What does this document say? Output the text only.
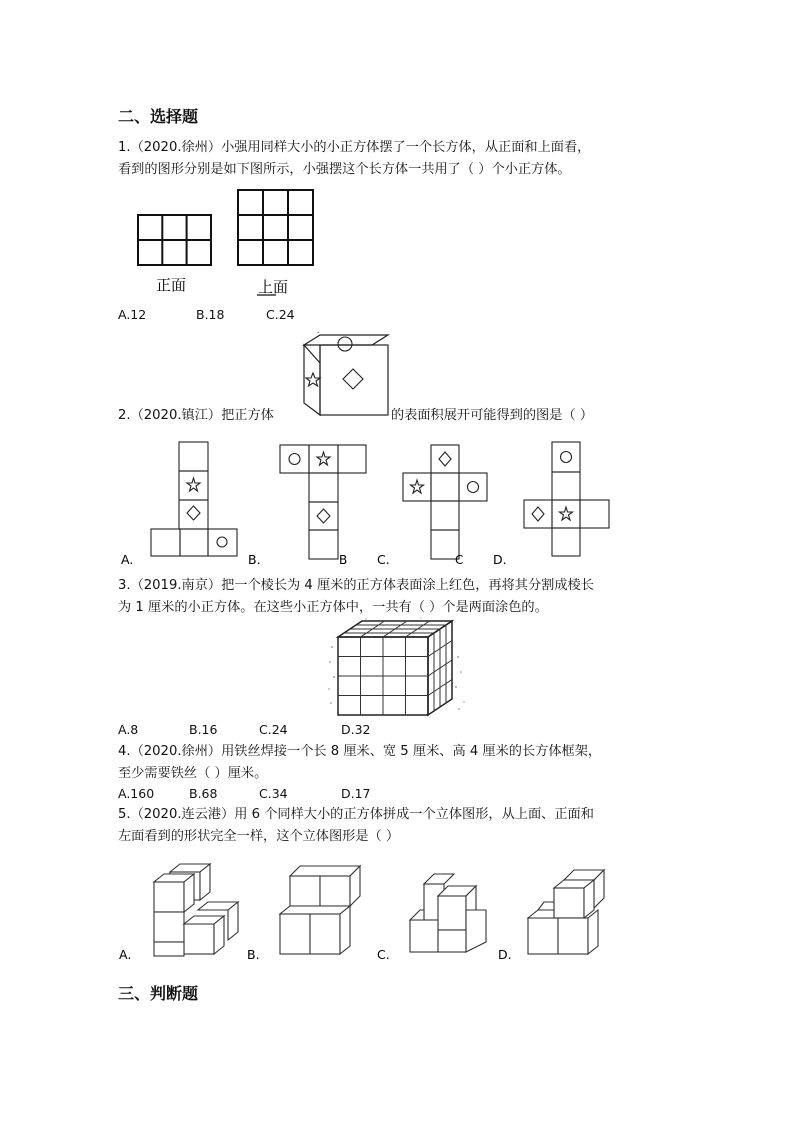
二、选择题
1.（2020.徐州）小强用同样大小的小正方体摆了一个长方体，从正面和上面看，
看到的图形分别是如下图所示，小强摆这个长方体一共用了（ ）个小正方体。
正面	上面
A.12	B.18	C.24
2.（2020.镇江）把正方体	的表面积展开可能得到的图是（ ）
A.	B.	B C.	C D.
3.（2019.南京）把一个棱长为 4 厘米的正方体表面涂上红色，再将其分割成棱长
为 1 厘米的小正方体。在这些小正方体中，一共有（ ）个是两面涂色的。
A.8	B.16	C.24	D.32
4.（2020.徐州）用铁丝焊接一个长 8 厘米、宽 5 厘米、高 4 厘米的长方体框架，
至少需要铁丝（ ）厘米。
A.160	B.68	C.34	D.17
5.（2020.连云港）用 6 个同样大小的正方体拼成一个立体图形，从上面、正面和
左面看到的形状完全一样，这个立体图形是（ ）
A.	B.	C.	D.
三、判断题
